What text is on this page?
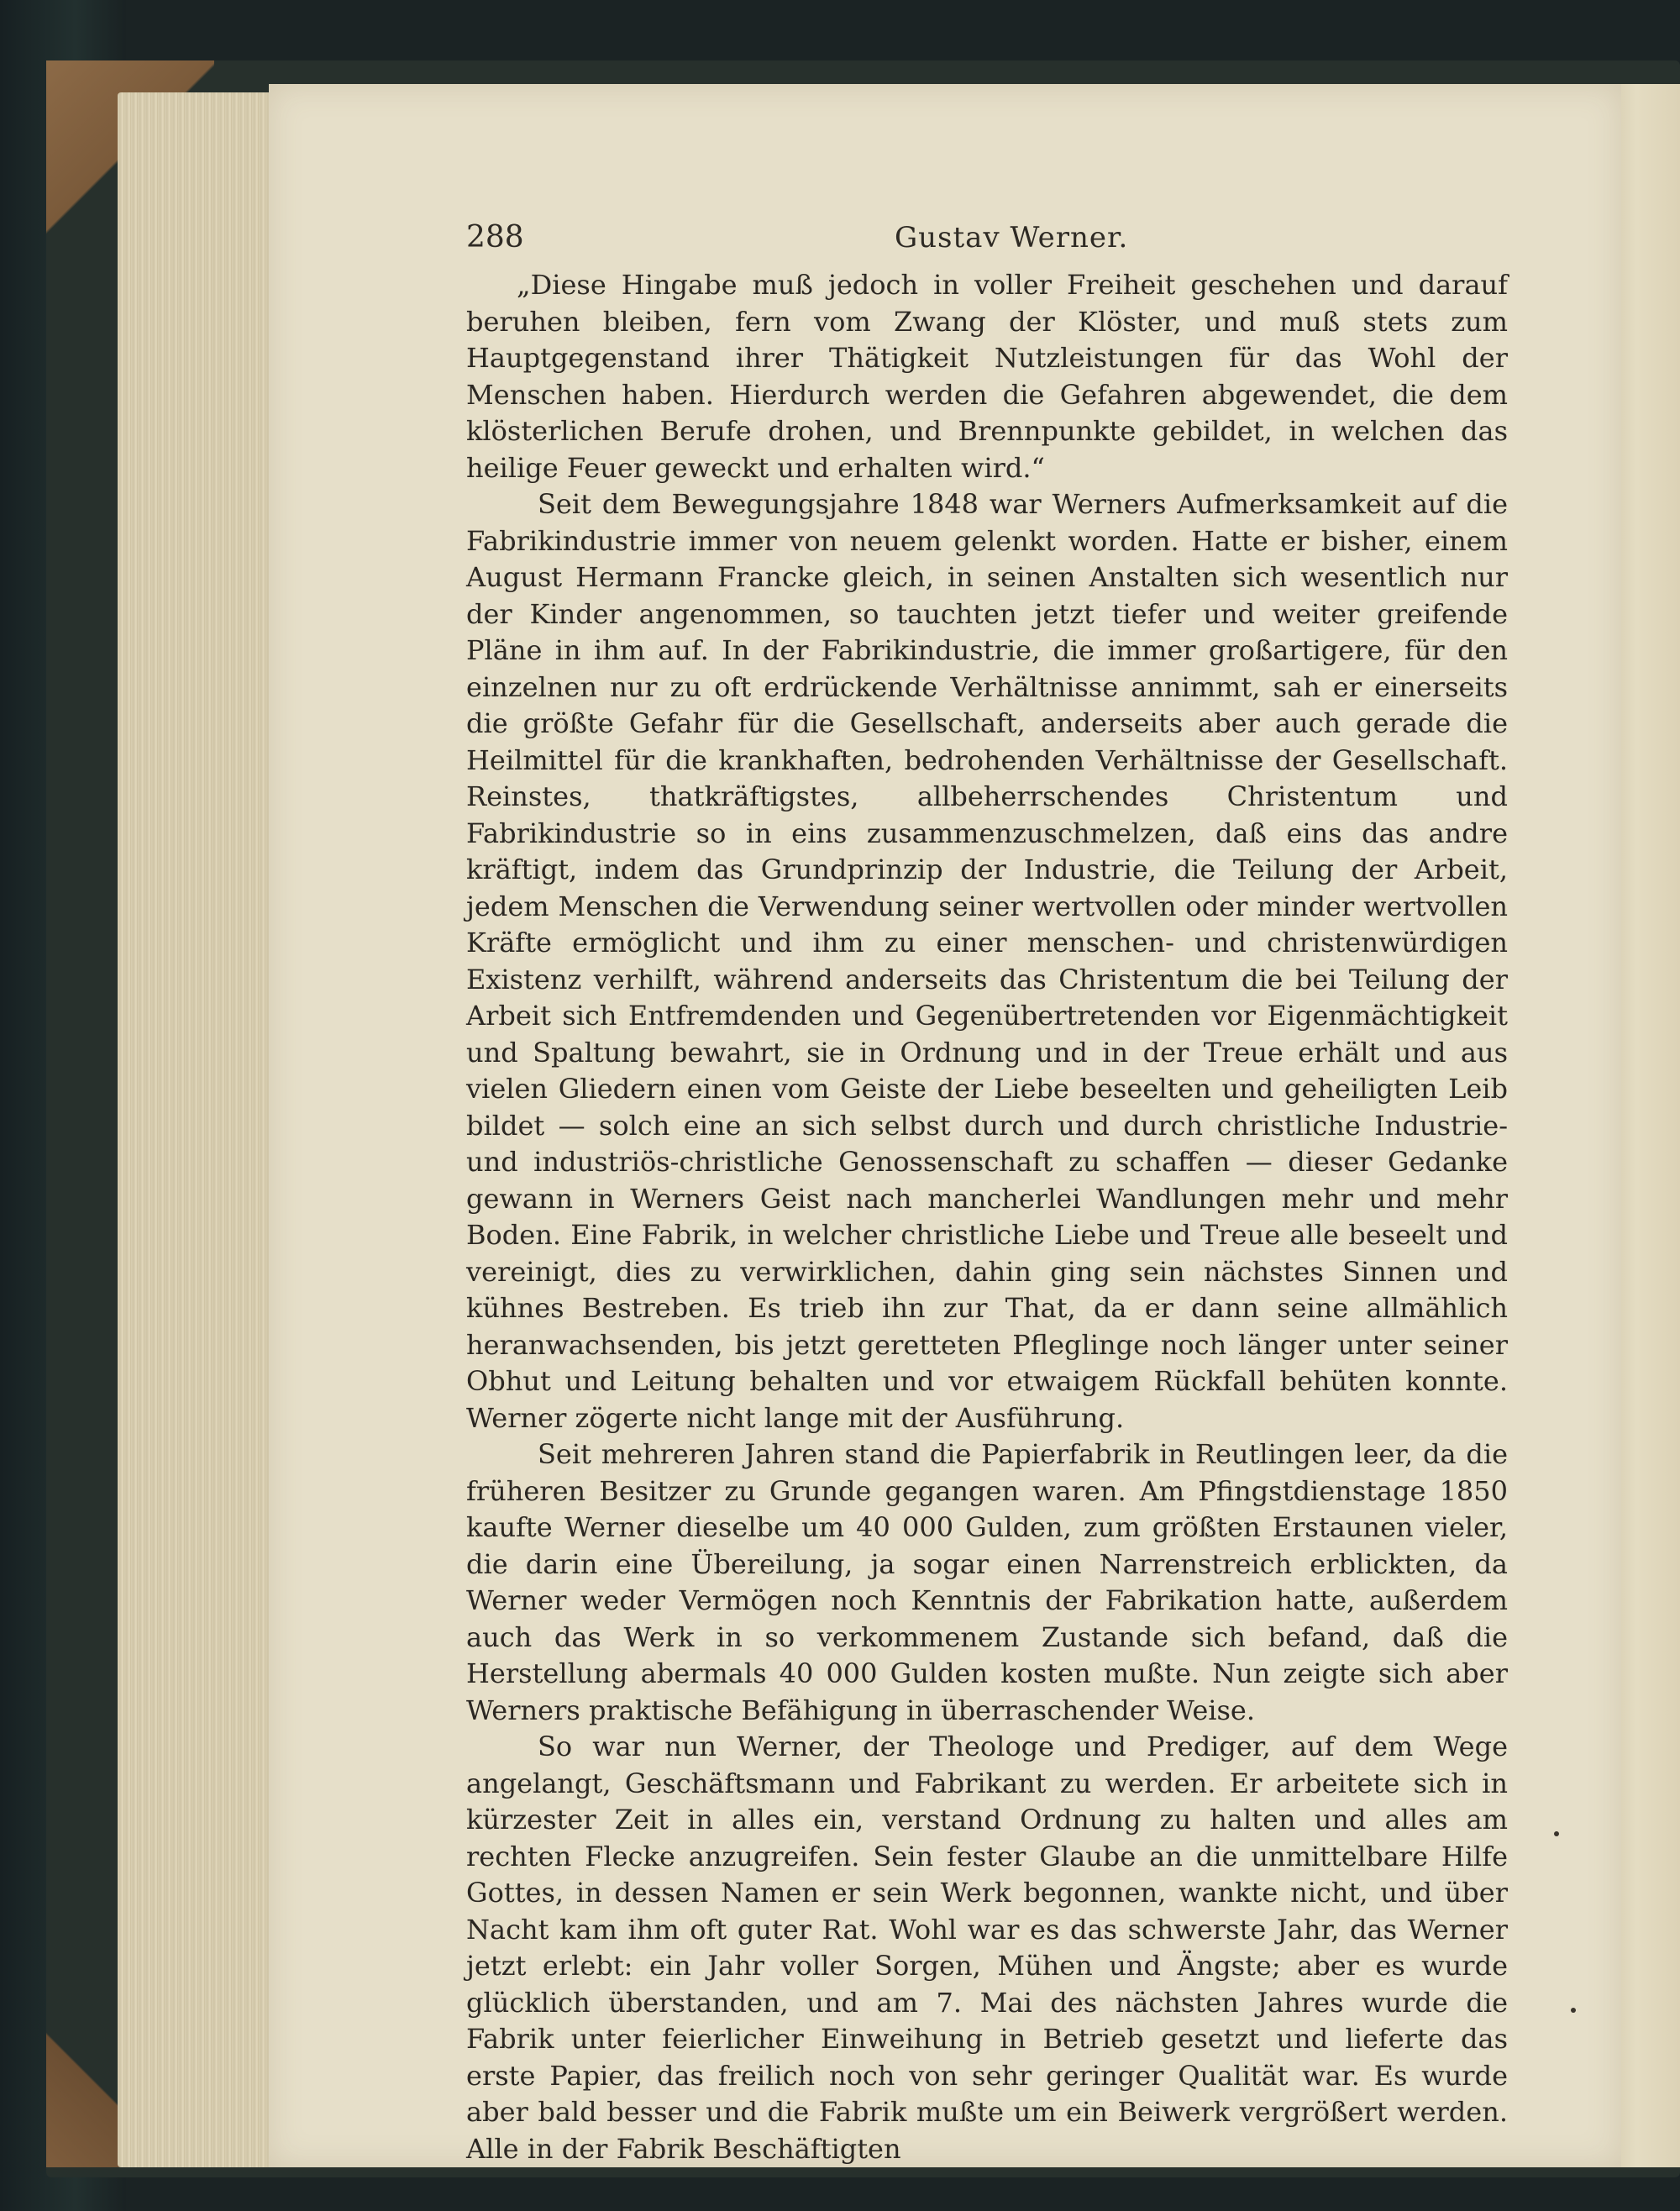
288	Gustav Werner.

„Diese Hingabe muß jedoch in voller Freiheit geschehen und darauf beruhen bleiben, fern vom Zwang der Klöster, und muß stets zum Hauptgegenstand ihrer Thätigkeit Nutzleistungen für das Wohl der Menschen haben. Hierdurch werden die Gefahren abgewendet, die dem klösterlichen Berufe drohen, und Brennpunkte gebildet, in welchen das heilige Feuer geweckt und erhalten wird.“

Seit dem Bewegungsjahre 1848 war Werners Aufmerksamkeit auf die Fabrikindustrie immer von neuem gelenkt worden. Hatte er bisher, einem August Hermann Francke gleich, in seinen Anstalten sich wesentlich nur der Kinder angenommen, so tauchten jetzt tiefer und weiter greifende Pläne in ihm auf. In der Fabrikindustrie, die immer großartigere, für den einzelnen nur zu oft erdrückende Verhältnisse annimmt, sah er einerseits die größte Gefahr für die Gesellschaft, anderseits aber auch gerade die Heilmittel für die krankhaften, bedrohenden Verhältnisse der Gesellschaft. Reinstes, thatkräftigstes, allbeherrschendes Christentum und Fabrikindustrie so in eins zusammenzuschmelzen, daß eins das andre kräftigt, indem das Grundprinzip der Industrie, die Teilung der Arbeit, jedem Menschen die Verwendung seiner wertvollen oder minder wertvollen Kräfte ermöglicht und ihm zu einer menschen- und christenwürdigen Existenz verhilft, während anderseits das Christentum die bei Teilung der Arbeit sich Entfremdenden und Gegenübertretenden vor Eigenmächtigkeit und Spaltung bewahrt, sie in Ordnung und in der Treue erhält und aus vielen Gliedern einen vom Geiste der Liebe beseelten und geheiligten Leib bildet — solch eine an sich selbst durch und durch christliche Industrie- und industriös-christliche Genossenschaft zu schaffen — dieser Gedanke gewann in Werners Geist nach mancherlei Wandlungen mehr und mehr Boden. Eine Fabrik, in welcher christliche Liebe und Treue alle beseelt und vereinigt, dies zu verwirklichen, dahin ging sein nächstes Sinnen und kühnes Bestreben. Es trieb ihn zur That, da er dann seine allmählich heranwachsenden, bis jetzt geretteten Pfleglinge noch länger unter seiner Obhut und Leitung behalten und vor etwaigem Rückfall behüten konnte. Werner zögerte nicht lange mit der Ausführung.

Seit mehreren Jahren stand die Papierfabrik in Reutlingen leer, da die früheren Besitzer zu Grunde gegangen waren. Am Pfingstdienstage 1850 kaufte Werner dieselbe um 40 000 Gulden, zum größten Erstaunen vieler, die darin eine Übereilung, ja sogar einen Narrenstreich erblickten, da Werner weder Vermögen noch Kenntnis der Fabrikation hatte, außerdem auch das Werk in so verkommenem Zustande sich befand, daß die Herstellung abermals 40 000 Gulden kosten mußte. Nun zeigte sich aber Werners praktische Befähigung in überraschender Weise.

So war nun Werner, der Theologe und Prediger, auf dem Wege angelangt, Geschäftsmann und Fabrikant zu werden. Er arbeitete sich in kürzester Zeit in alles ein, verstand Ordnung zu halten und alles am rechten Flecke anzugreifen. Sein fester Glaube an die unmittelbare Hilfe Gottes, in dessen Namen er sein Werk begonnen, wankte nicht, und über Nacht kam ihm oft guter Rat. Wohl war es das schwerste Jahr, das Werner jetzt erlebt: ein Jahr voller Sorgen, Mühen und Ängste; aber es wurde glücklich überstanden, und am 7. Mai des nächsten Jahres wurde die Fabrik unter feierlicher Einweihung in Betrieb gesetzt und lieferte das erste Papier, das freilich noch von sehr geringer Qualität war. Es wurde aber bald besser und die Fabrik mußte um ein Beiwerk vergrößert werden. Alle in der Fabrik Beschäftigten
